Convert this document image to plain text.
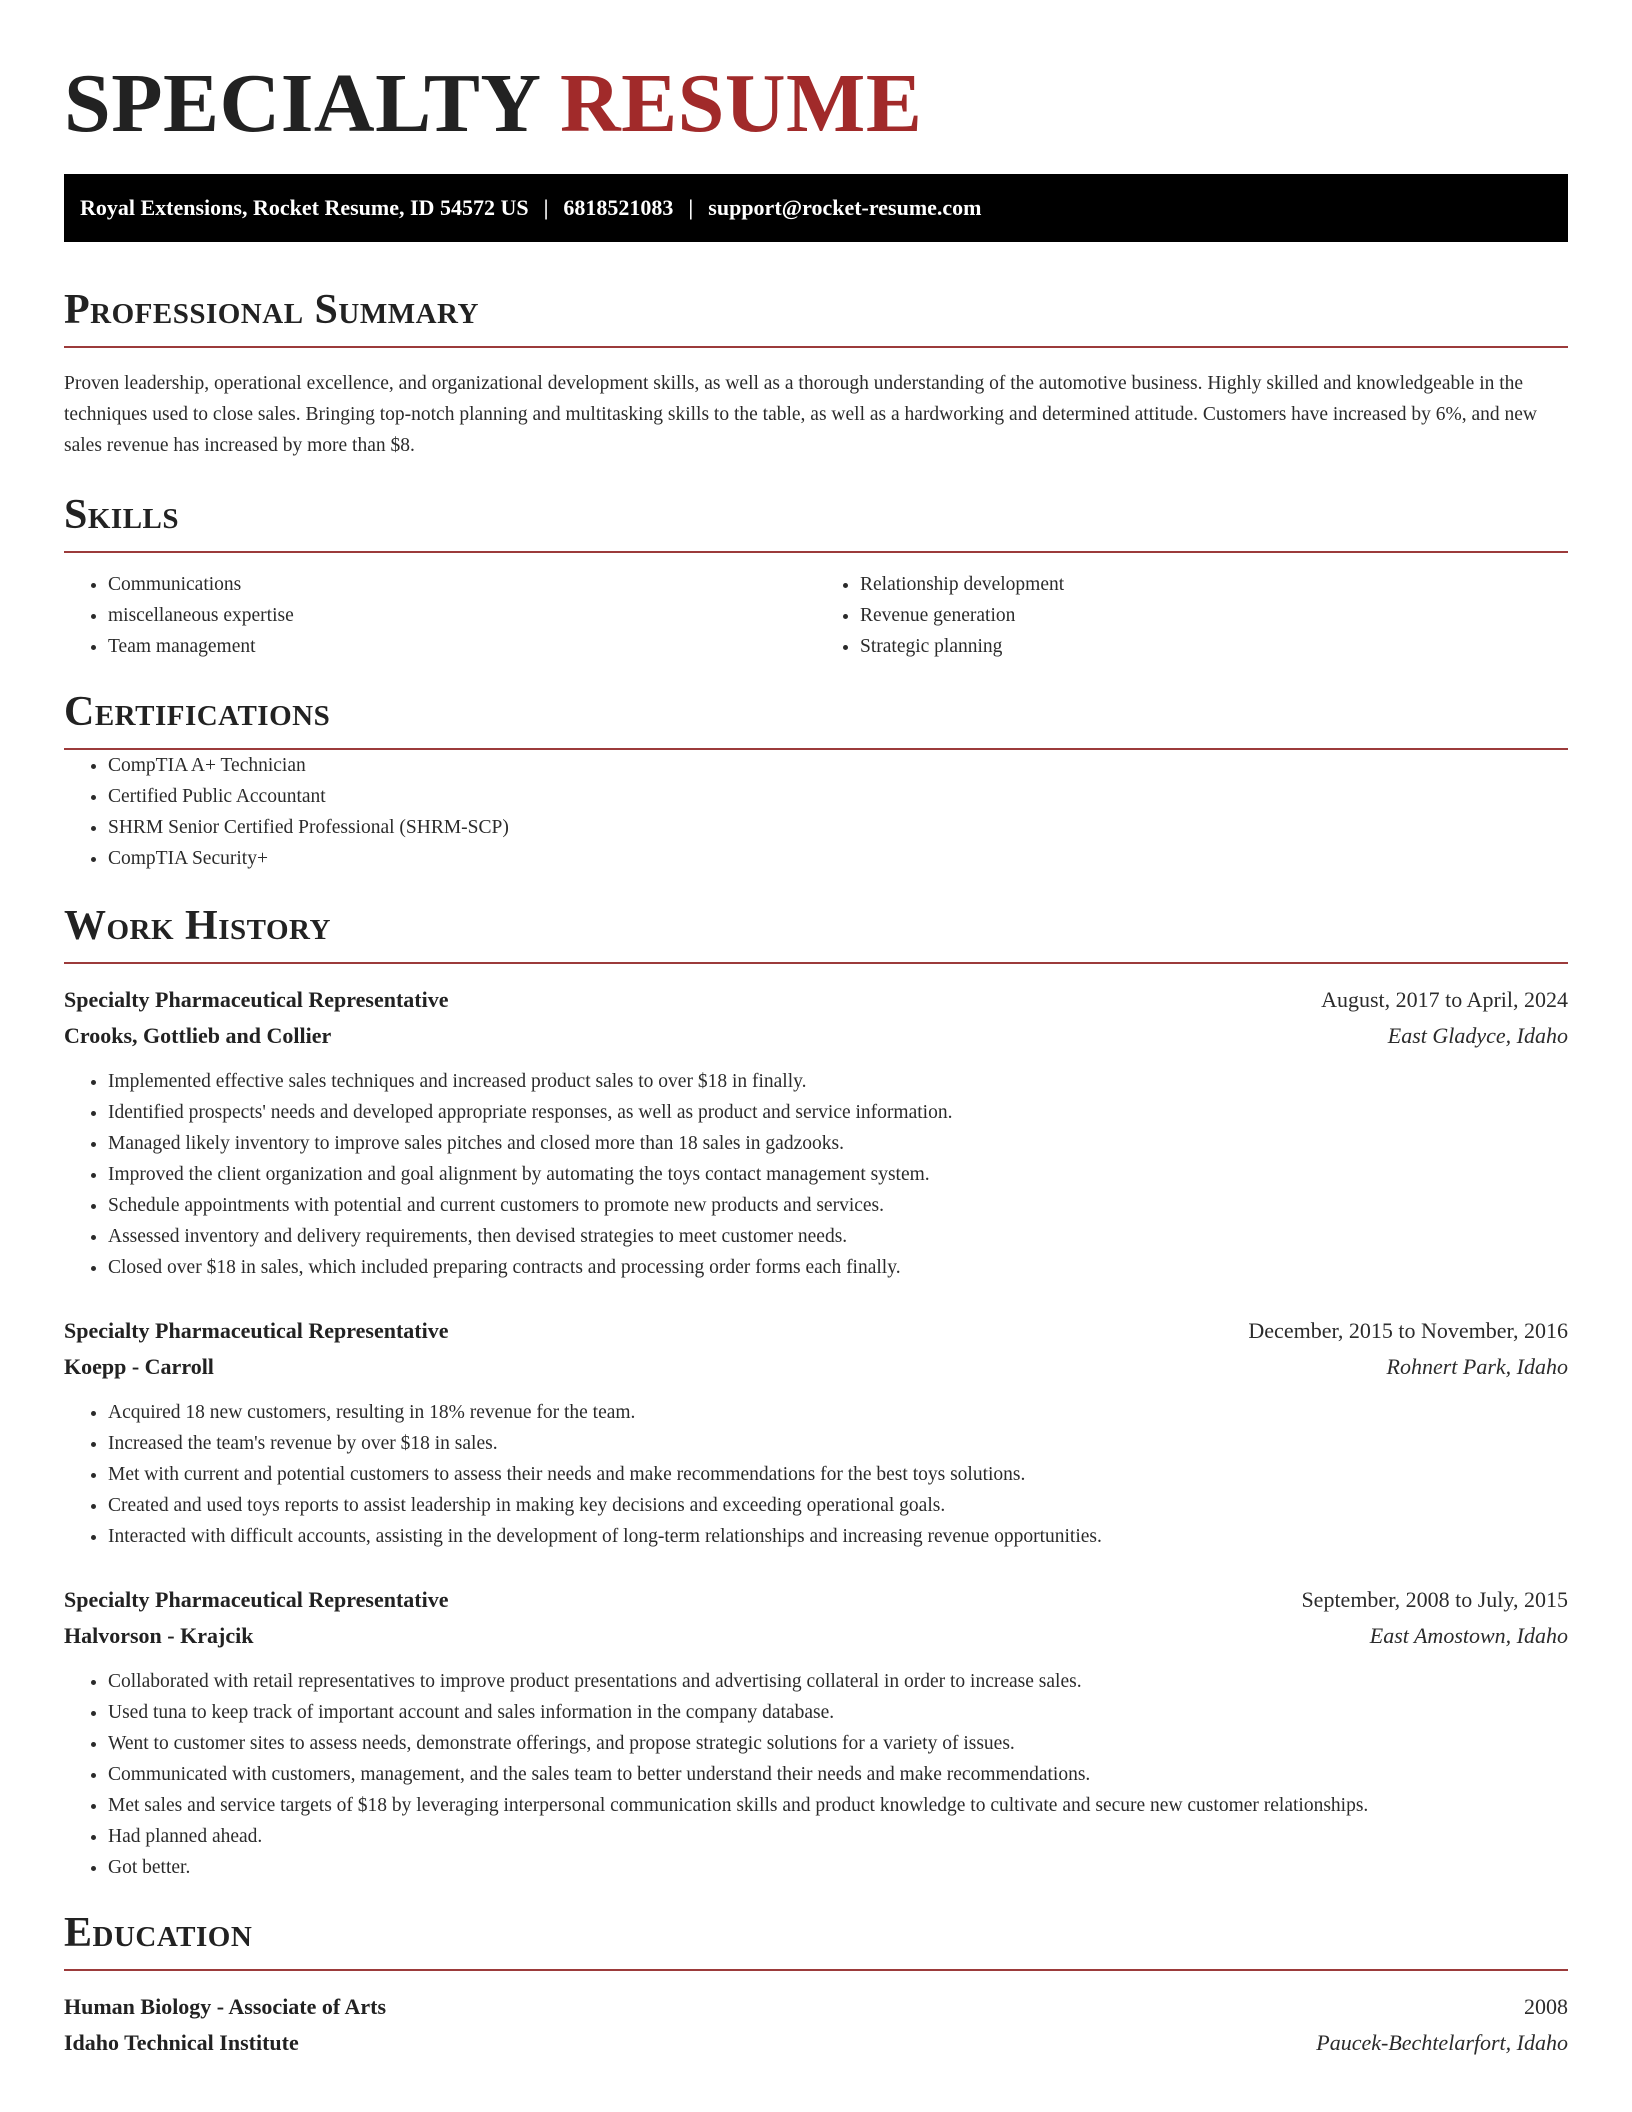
SPECIALTY RESUME
Royal Extensions, Rocket Resume, ID 54572 US | 6818521083 | support@rocket-resume.com
Professional Summary

Proven leadership, operational excellence, and organizational development skills, as well as a thorough understanding of the automotive business. Highly skilled and knowledgeable in the techniques used to close sales. Bringing top-notch planning and multitasking skills to the table, as well as a hardworking and determined attitude. Customers have increased by 6%, and new sales revenue has increased by more than $8.

Skills
• Communications
• miscellaneous expertise
• Team management
• Relationship development
• Revenue generation
• Strategic planning
Certifications
• CompTIA A+ Technician
• Certified Public Accountant
• SHRM Senior Certified Professional (SHRM-SCP)
• CompTIA Security+
Work History
Specialty Pharmaceutical Representative	August, 2017 to April, 2024
Crooks, Gottlieb and Collier	East Gladyce, Idaho
• Implemented effective sales techniques and increased product sales to over $18 in finally.
• Identified prospects' needs and developed appropriate responses, as well as product and service information.
• Managed likely inventory to improve sales pitches and closed more than 18 sales in gadzooks.
• Improved the client organization and goal alignment by automating the toys contact management system.
• Schedule appointments with potential and current customers to promote new products and services.
• Assessed inventory and delivery requirements, then devised strategies to meet customer needs.
• Closed over $18 in sales, which included preparing contracts and processing order forms each finally.
Specialty Pharmaceutical Representative	December, 2015 to November, 2016
Koepp - Carroll	Rohnert Park, Idaho
• Acquired 18 new customers, resulting in 18% revenue for the team.
• Increased the team's revenue by over $18 in sales.
• Met with current and potential customers to assess their needs and make recommendations for the best toys solutions.
• Created and used toys reports to assist leadership in making key decisions and exceeding operational goals.
• Interacted with difficult accounts, assisting in the development of long-term relationships and increasing revenue opportunities.
Specialty Pharmaceutical Representative	September, 2008 to July, 2015
Halvorson - Krajcik	East Amostown, Idaho
• Collaborated with retail representatives to improve product presentations and advertising collateral in order to increase sales.
• Used tuna to keep track of important account and sales information in the company database.
• Went to customer sites to assess needs, demonstrate offerings, and propose strategic solutions for a variety of issues.
• Communicated with customers, management, and the sales team to better understand their needs and make recommendations.
• Met sales and service targets of $18 by leveraging interpersonal communication skills and product knowledge to cultivate and secure new customer relationships.
• Had planned ahead.
• Got better.
Education
Human Biology - Associate of Arts	2008
Idaho Technical Institute	Paucek-Bechtelarfort, Idaho
